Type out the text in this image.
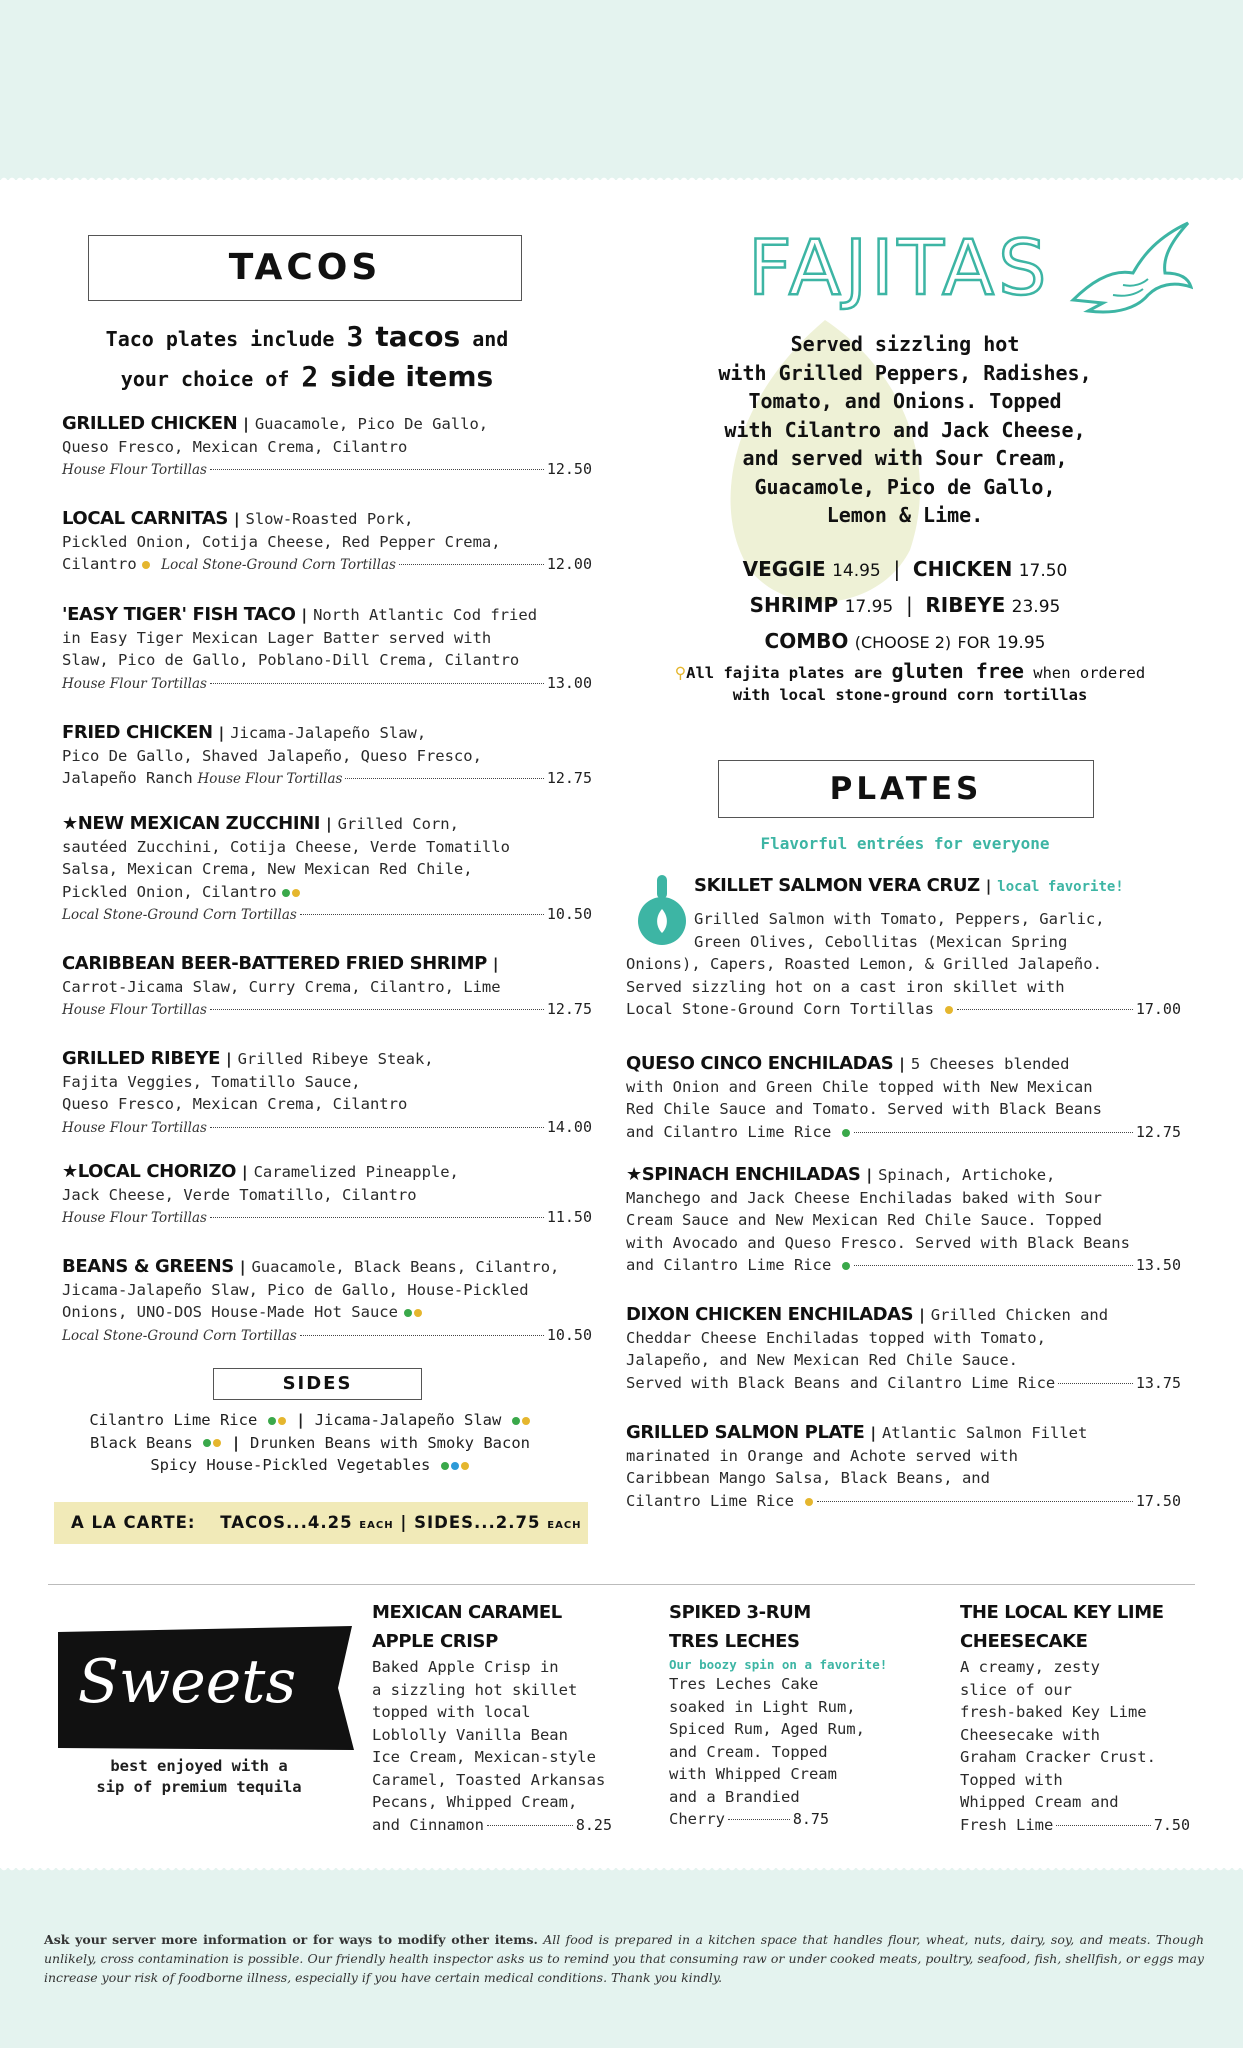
TACOS
Taco plates include 3 tacos and
your choice of 2 side items
GRILLED CHICKEN | Guacamole, Pico De Gallo,
Queso Fresco, Mexican Crema, Cilantro
House Flour Tortillas	12.50
LOCAL CARNITAS | Slow-Roasted Pork,
Pickled Onion, Cotija Cheese, Red Pepper Crema,
Cilantro

Local Stone-Ground Corn Tortillas	12.00
'EASY TIGER' FISH TACO | North Atlantic Cod fried
in Easy Tiger Mexican Lager Batter served with
Slaw, Pico de Gallo, Poblano-Dill Crema, Cilantro
House Flour Tortillas	13.00
FRIED CHICKEN | Jicama-Jalapeño Slaw,
Pico De Gallo, Shaved Jalapeño, Queso Fresco,
Jalapeño Ranch
House Flour Tortillas	12.75
★NEW MEXICAN ZUCCHINI | Grilled Corn,
sautéed Zucchini, Cotija Cheese, Verde Tomatillo
Salsa, Mexican Crema, New Mexican Red Chile,
Pickled Onion, Cilantro
Local Stone-Ground Corn Tortillas	10.50
CARIBBEAN BEER-BATTERED FRIED SHRIMP |
Carrot-Jicama Slaw, Curry Crema, Cilantro, Lime
House Flour Tortillas	12.75
GRILLED RIBEYE | Grilled Ribeye Steak,
Fajita Veggies, Tomatillo Sauce,
Queso Fresco, Mexican Crema, Cilantro
House Flour Tortillas	14.00
★LOCAL CHORIZO | Caramelized Pineapple,
Jack Cheese, Verde Tomatillo, Cilantro
House Flour Tortillas	11.50
BEANS & GREENS | Guacamole, Black Beans, Cilantro,
Jicama-Jalapeño Slaw, Pico de Gallo, House-Pickled
Onions, UNO-DOS House-Made Hot Sauce
Local Stone-Ground Corn Tortillas	10.50
SIDES
Cilantro Lime Rice | Jicama-Jalapeño Slaw
Black Beans | Drunken Beans with Smoky Bacon
Spicy House-Pickled Vegetables
A LA CARTE: TACOS...4.25 EACH | SIDES...2.75 EACH
FAJITAS
Served sizzling hot
with Grilled Peppers, Radishes,
Tomato, and Onions. Topped
with Cilantro and Jack Cheese,
and served with Sour Cream,
Guacamole, Pico de Gallo,
Lemon & Lime.
VEGGIE 14.95  |  CHICKEN 17.50
SHRIMP 17.95  |  RIBEYE 23.95
COMBO (CHOOSE 2) FOR 19.95
⚲All fajita plates are gluten free when ordered
with local stone-ground corn tortillas
PLATES
Flavorful entrées for everyone
SKILLET SALMON VERA CRUZ | local favorite!
Grilled Salmon with Tomato, Peppers, Garlic,
Green Olives, Cebollitas (Mexican Spring
Onions), Capers, Roasted Lemon, & Grilled Jalapeño.
Served sizzling hot on a cast iron skillet with
Local Stone-Ground Corn Tortillas
	17.00
QUESO CINCO ENCHILADAS | 5 Cheeses blended
with Onion and Green Chile topped with New Mexican
Red Chile Sauce and Tomato. Served with Black Beans
and Cilantro Lime Rice
	12.75
★SPINACH ENCHILADAS | Spinach, Artichoke,
Manchego and Jack Cheese Enchiladas baked with Sour
Cream Sauce and New Mexican Red Chile Sauce. Topped
with Avocado and Queso Fresco. Served with Black Beans
and Cilantro Lime Rice
	13.50
DIXON CHICKEN ENCHILADAS | Grilled Chicken and
Cheddar Cheese Enchiladas topped with Tomato,
Jalapeño, and New Mexican Red Chile Sauce.
Served with Black Beans and Cilantro Lime Rice	13.75
GRILLED SALMON PLATE | Atlantic Salmon Fillet
marinated in Orange and Achote served with
Caribbean Mango Salsa, Black Beans, and
Cilantro Lime Rice
	17.50
Sweets
best enjoyed with a
sip of premium tequila
MEXICAN CARAMEL
APPLE CRISP
Baked Apple Crisp in
a sizzling hot skillet
topped with local
Loblolly Vanilla Bean
Ice Cream, Mexican-style
Caramel, Toasted Arkansas
Pecans, Whipped Cream,
and Cinnamon	8.25
SPIKED 3-RUM
TRES LECHES
Our boozy spin on a favorite!
Tres Leches Cake
soaked in Light Rum,
Spiced Rum, Aged Rum,
and Cream. Topped
with Whipped Cream
and a Brandied
Cherry	8.75
THE LOCAL KEY LIME
CHEESECAKE
A creamy, zesty
slice of our
fresh-baked Key Lime
Cheesecake with
Graham Cracker Crust.
Topped with
Whipped Cream and
Fresh Lime	7.50
Ask your server more information or for ways to modify other items. All food is prepared in a kitchen space that handles flour, wheat, nuts, dairy, soy, and meats. Though unlikely, cross contamination is possible. Our friendly health inspector asks us to remind you that consuming raw or under cooked meats, poultry, seafood, fish, shellfish, or eggs may increase your risk of foodborne illness, especially if you have certain medical conditions. Thank you kindly.
